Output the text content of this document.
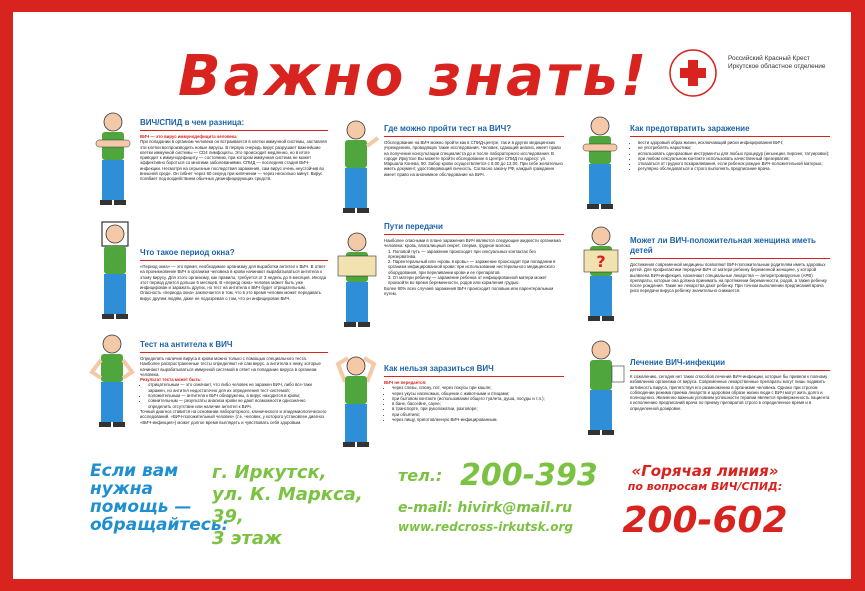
Важно знать!	Российский Красный Крест
Иркутское областное отделение
ВИЧ/СПИД в чем разница:

ВИЧ — это вирус иммунодефицита человека

При попадании в организм человека он встраивается в клетки иммунной системы, заставляя эти клетки воспроизводить новые вирусы. В первую очередь вирус разрушает важнейшие клетки иммунной системы — CD4 лимфоциты. Это происходит медленно, но в итоге приводит к иммунодефициту — состоянию, при котором иммунная система не может эффективно бороться со многими заболеваниями. СПИД — последняя стадия ВИЧ-инфекции. Несмотря на серьезные последствия заражения, сам вирус очень неустойчив во внешней среде. Он гибнет через 60 секунд при кипячении — через несколько минут. Вирус погибает под воздействием обычных дезинфицирующих средств.

Что такое период окна?

«Период окна» — это время, необходимое организму для выработки антител к ВИЧ. В ответ на проникновение ВИЧ в организм человека в крови начинают вырабатываться антитела к этому вирусу. Для этого организму, как правило, требуется от 3 недель до 6 месяцев. Иногда этот период длится дольше 6 месяцев. В «период окна» человек может быть уже инфицирован и заражать других, но тест на антитела к ВИЧ будет отрицательным. Опасность «периода окна» заключается в том, что в это время человек может передавать вирус другим людям, даже не подозревая о том, что он инфицирован ВИЧ.

Тест на антитела к ВИЧ

Определить наличие вируса в крови можно только с помощью специального теста. Наиболее распространенные тесты определяют не сам вирус, а антитела к нему, которые начинают вырабатываться иммунной системой в ответ на попадание вируса в организм человека.

Результат теста может быть:

• отрицательным — это означает, что либо человек не заражен ВИЧ, либо все-таки заражен, но антител недостаточно для их определения тест-системой;
• положительным — антитела к ВИЧ обнаружены, в вирус находится в крови;
• сомнительным — результаты анализа крови не дают возможности однозначно определить отсутствие или наличие антител к ВИЧ.

Точный диагноз ставится на основании лабораторного, клинического и эпидемиологического исследований. «ВИЧ-положительный человек» (т.е. человек, у которого установлен диагноз «ВИЧ-инфекция») может долгое время выглядеть и чувствовать себя здоровым.

Где можно пройти тест на ВИЧ?

Обследование на ВИЧ можно пройти как в СПИД-центре, так и в других медицинских учреждениях, проводящих такие исследования. Человек, сдающий анализ, имеет право на получение консультации специалиста до и после лабораторного исследования. В городе Иркутске Вы можете пройти обследование в Центре СПИД по адресу: ул. Маршала Конева, 90. Забор крови осуществляется с 8.00 до 13.00. При себе желательно иметь документ, удостоверяющий личность. Согласно закону РФ, каждый гражданин имеет право на анонимное обследование на ВИЧ.

Пути передачи

Наиболее опасными в плане заражения ВИЧ являются следующие жидкости организма человека: кровь, влагалищный секрет, сперма, грудное молоко.

1. Половой путь — заражение происходит при сексуальных контактах без презерватива.
2. Парентеральный или «кровь в кровь» — заражение происходит при попадании в организм инфицированной крови: при использовании нестерильного медицинского оборудования, при переливании крови и ее препаратов.
3. От матери ребенку — заражение ребенка от инфицированной матери может произойти во время беременности, родов или кормления грудью.

Более 90% всех случаев заражения ВИЧ происходит половым или парентеральным путем.

Как нельзя заразиться ВИЧ

ВИЧ не передается:

• через слезы, слюну, пот, через покусы при кашле;
• через укусы насекомых, общение с животными и птицами;
• при бытовом контакте (использовании общего туалета, душа, посуды и т.п.);
• в бане, бассейне, сауне;
• в транспорте, при рукопожатии, разговоре;
• при объятиях;
• через пищу, приготовленную ВИЧ-инфицированным.
Как предотвратить заражение
• вести здоровый образ жизни, исключающий риски инфицирования ВИЧ;
• не употреблять наркотики;
• использовать одноразовые инструменты для любых процедур (инъекции, пирсинг, татуировки);
• при любом сексуальном контакте использовать качественный презерватив;
• отказаться от грудного вскармливания, если ребенок рожден ВИЧ-положительной матерью;
• регулярно обследоваться и строго выполнять предписание врача.
Может ли ВИЧ-положительная женщина иметь детей

Достижения современной медицины позволяют ВИЧ-положительным родителям иметь здоровых детей. Для профилактики передачи ВИЧ от матери ребенку беременной женщине, у которой выявлена ВИЧ-инфекция, назначают специальные лекарства — антиретровирусные (АРВ) препараты, которые она должна принимать на протяжении беременности, родов, а также ребенку после рождения. Такие же лекарства дают ребенку. При точном выполнении предписаний врача риск передачи вируса ребенку значительно снижается.

Лечение ВИЧ-инфекции

К сожалению, сегодня нет таких способов лечения ВИЧ-инфекции, которые бы привели к полному избавлению организма от вируса. Современные лекарственные препараты могут лишь подавить активность вируса, препятствуя его размножению в организме человека. Однако при строгом соблюдении режима приема лекарств и здоровом образе жизни люди с ВИЧ могут жить долго и полноценно. Жизненно важным условием успешности терапии является приверженность пациента к исполнению предписаний врача по приему препаратов строго в определенное время и в определенной дозировке.

?
Если вам
нужна
помощь —
обращайтесь:
г. Иркутск,
ул. К. Маркса, 39,
3 этаж
тел.: 200-393
e-mail: hivirk@mail.ru
www.redcross-irkutsk.org
«Горячая линия»
по вопросам ВИЧ/СПИД:
200-602
